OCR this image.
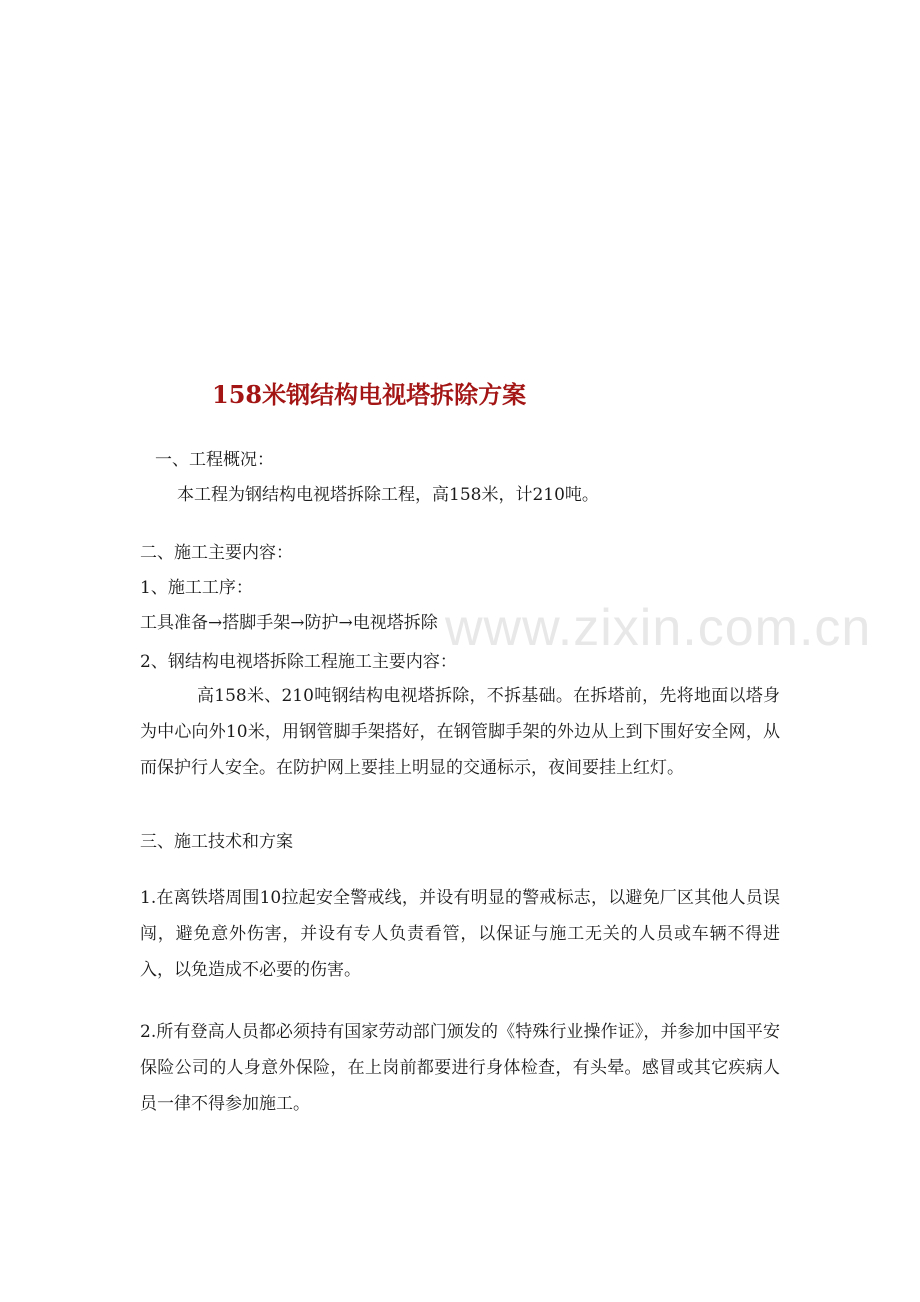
www.zixin.com.cn
158米钢结构电视塔拆除方案
一、工程概况：
本工程为钢结构电视塔拆除工程，高158米，计210吨。
二、施工主要内容：
1、施工工序：
工具准备→搭脚手架→防护→电视塔拆除
2、钢结构电视塔拆除工程施工主要内容：
高158米、210吨钢结构电视塔拆除，不拆基础。在拆塔前，先将地面以塔身为中心向外10米，用钢管脚手架搭好，在钢管脚手架的外边从上到下围好安全网，从而保护行人安全。在防护网上要挂上明显的交通标示，夜间要挂上红灯。
三、施工技术和方案
1.在离铁塔周围10拉起安全警戒线，并设有明显的警戒标志，以避免厂区其他人员误闯，避免意外伤害，并设有专人负责看管，以保证与施工无关的人员或车辆不得进入，以免造成不必要的伤害。
2.所有登高人员都必须持有国家劳动部门颁发的《特殊行业操作证》，并参加中国平安保险公司的人身意外保险，在上岗前都要进行身体检查，有头晕。感冒或其它疾病人员一律不得参加施工。
